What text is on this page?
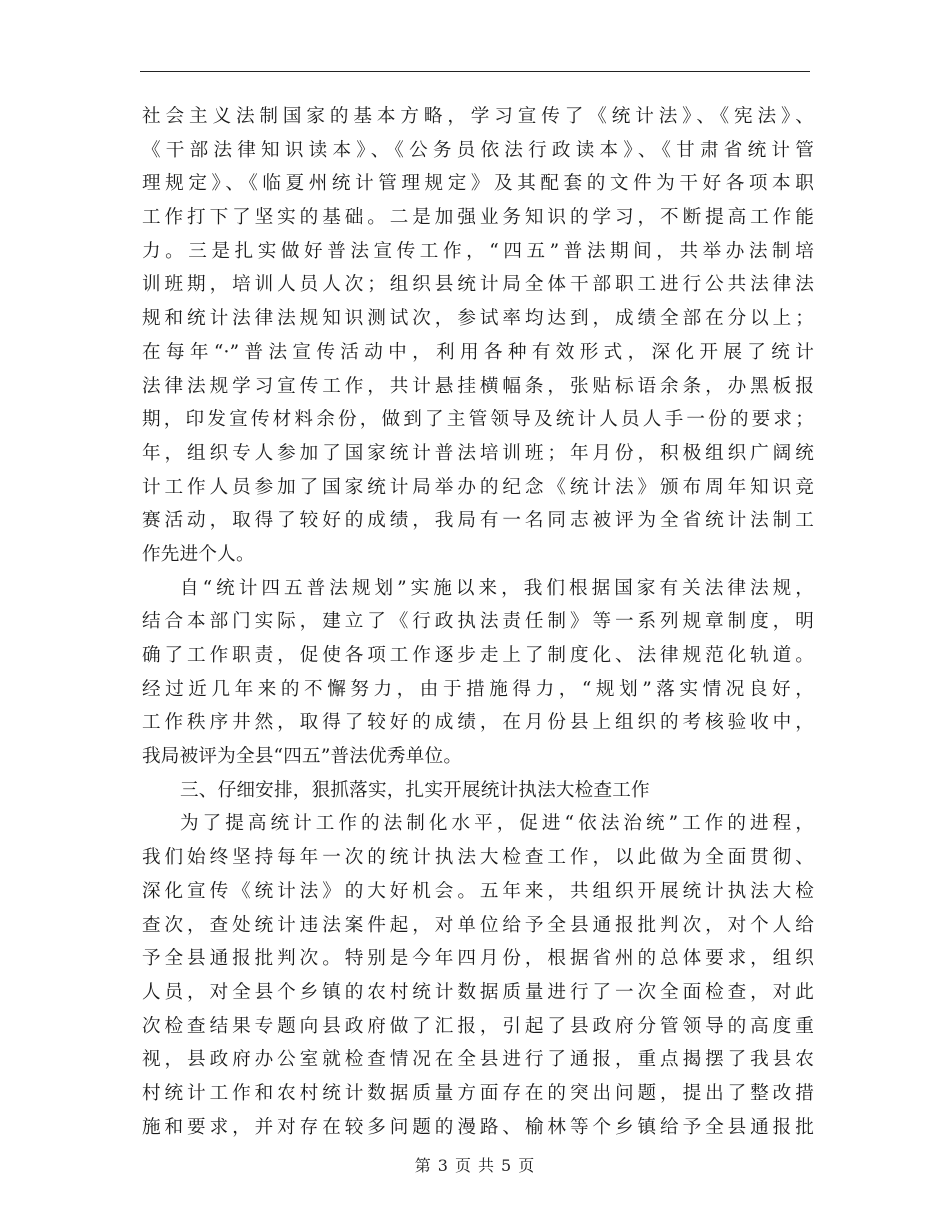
社会主义法制国家的基本方略，学习宣传了《统计法》、《宪法》、
《干部法律知识读本》、《公务员依法行政读本》、《甘肃省统计管
理规定》、《临夏州统计管理规定》及其配套的文件为干好各项本职
工作打下了坚实的基础。二是加强业务知识的学习，不断提高工作能
力。三是扎实做好普法宣传工作，“四五”普法期间，共举办法制培
训班期，培训人员人次；组织县统计局全体干部职工进行公共法律法
规和统计法律法规知识测试次，参试率均达到，成绩全部在分以上；
在每年“·”普法宣传活动中，利用各种有效形式，深化开展了统计
法律法规学习宣传工作，共计悬挂横幅条，张贴标语余条，办黑板报
期，印发宣传材料余份，做到了主管领导及统计人员人手一份的要求；
年，组织专人参加了国家统计普法培训班；年月份，积极组织广阔统
计工作人员参加了国家统计局举办的纪念《统计法》颁布周年知识竞
赛活动，取得了较好的成绩，我局有一名同志被评为全省统计法制工
作先进个人。
自“统计四五普法规划”实施以来，我们根据国家有关法律法规，
结合本部门实际，建立了《行政执法责任制》等一系列规章制度，明
确了工作职责，促使各项工作逐步走上了制度化、法律规范化轨道。
经过近几年来的不懈努力，由于措施得力，“规划”落实情况良好，
工作秩序井然，取得了较好的成绩，在月份县上组织的考核验收中，
我局被评为全县“四五”普法优秀单位。
三、仔细安排，狠抓落实，扎实开展统计执法大检查工作
为了提高统计工作的法制化水平，促进“依法治统”工作的进程，
我们始终坚持每年一次的统计执法大检查工作，以此做为全面贯彻、
深化宣传《统计法》的大好机会。五年来，共组织开展统计执法大检
查次，查处统计违法案件起，对单位给予全县通报批判次，对个人给
予全县通报批判次。特别是今年四月份，根据省州的总体要求，组织
人员，对全县个乡镇的农村统计数据质量进行了一次全面检查，对此
次检查结果专题向县政府做了汇报，引起了县政府分管领导的高度重
视，县政府办公室就检查情况在全县进行了通报，重点揭摆了我县农
村统计工作和农村统计数据质量方面存在的突出问题，提出了整改措
施和要求，并对存在较多问题的漫路、榆林等个乡镇给予全县通报批
第 3 页 共 5 页
